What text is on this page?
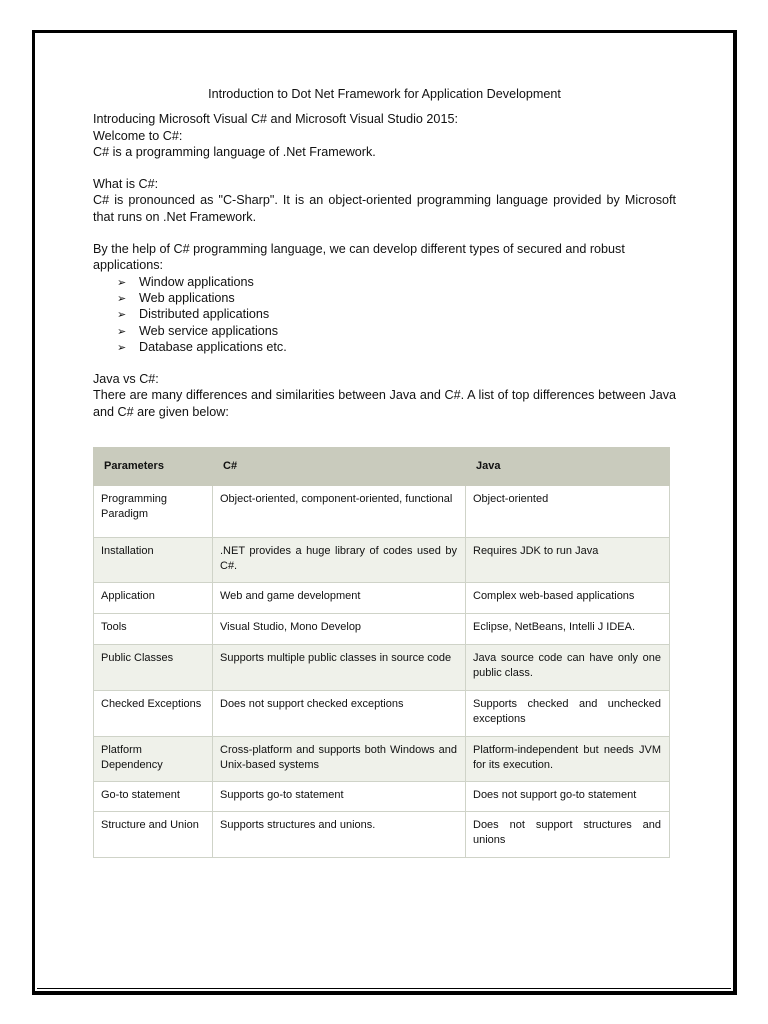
Introduction to Dot Net Framework for Application Development

Introducing Microsoft Visual C# and Microsoft Visual Studio 2015:

Welcome to C#:

C# is a programming language of .Net Framework.

What is C#:

C# is pronounced as "C-Sharp". It is an object-oriented programming language provided by Microsoft that runs on .Net Framework.

By the help of C# programming language, we can develop different types of secured and robust applications:

➢	Window applications
➢	Web applications
➢	Distributed applications
➢	Web service applications
➢	Database applications etc.

Java vs C#:

There are many differences and similarities between Java and C#. A list of top differences between Java and C# are given below:

Parameters	C#	Java
Programming Paradigm	Object-oriented, component-oriented, functional	Object-oriented
Installation	.NET provides a huge library of codes used by C#.	Requires JDK to run Java
Application	Web and game development	Complex web-based applications
Tools	Visual Studio, Mono Develop	Eclipse, NetBeans, Intelli J IDEA.
Public Classes	Supports multiple public classes in source code	Java source code can have only one public class.
Checked Exceptions	Does not support checked exceptions	Supports checked and unchecked exceptions
Platform Dependency	Cross-platform and supports both Windows and Unix-based systems	Platform-independent but needs JVM for its execution.
Go-to statement	Supports go-to statement	Does not support go-to statement
Structure and Union	Supports structures and unions.	Does not support structures and unions
